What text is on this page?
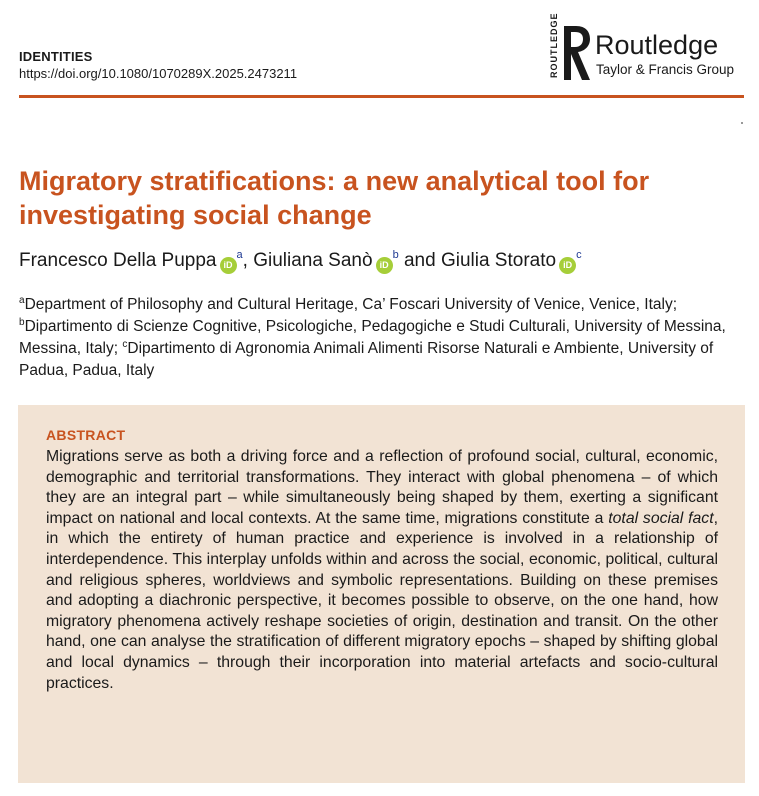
IDENTITIES
https://doi.org/10.1080/1070289X.2025.2473211	ROUTLEDGE Routledge
Taylor & Francis Group
Migratory stratifications: a new analytical tool for investigating social change
Francesco Della Puppa $iD^a$, Giuliana Sanò $iD^b$ and Giulia Storato $iD^c$
$^a$Department of Philosophy and Cultural Heritage, Ca’ Foscari University of Venice, Venice, Italy; $^b$Dipartimento di Scienze Cognitive, Psicologiche, Pedagogiche e Studi Culturali, University of Messina, Messina, Italy; $^c$Dipartimento di Agronomia Animali Alimenti Risorse Naturali e Ambiente, University of Padua, Padua, Italy
ABSTRACT
Migrations serve as both a driving force and a reflection of profound social, cultural, economic, demographic and territorial transformations. They interact with global phenomena – of which they are an integral part – while simultaneously being shaped by them, exerting a significant impact on national and local contexts. At the same time, migrations constitute a total social fact, in which the entirety of human practice and experience is involved in a relationship of interdependence. This interplay unfolds within and across the social, economic, political, cultural and religious spheres, worldviews and symbolic representations. Building on these premises and adopting a diachronic perspective, it becomes possible to observe, on the one hand, how migratory phenomena actively reshape societies of origin, destination and transit. On the other hand, one can analyse the stratification of different migratory epochs – shaped by shifting global and local dynamics – through their incorporation into material artefacts and socio-cultural practices.
